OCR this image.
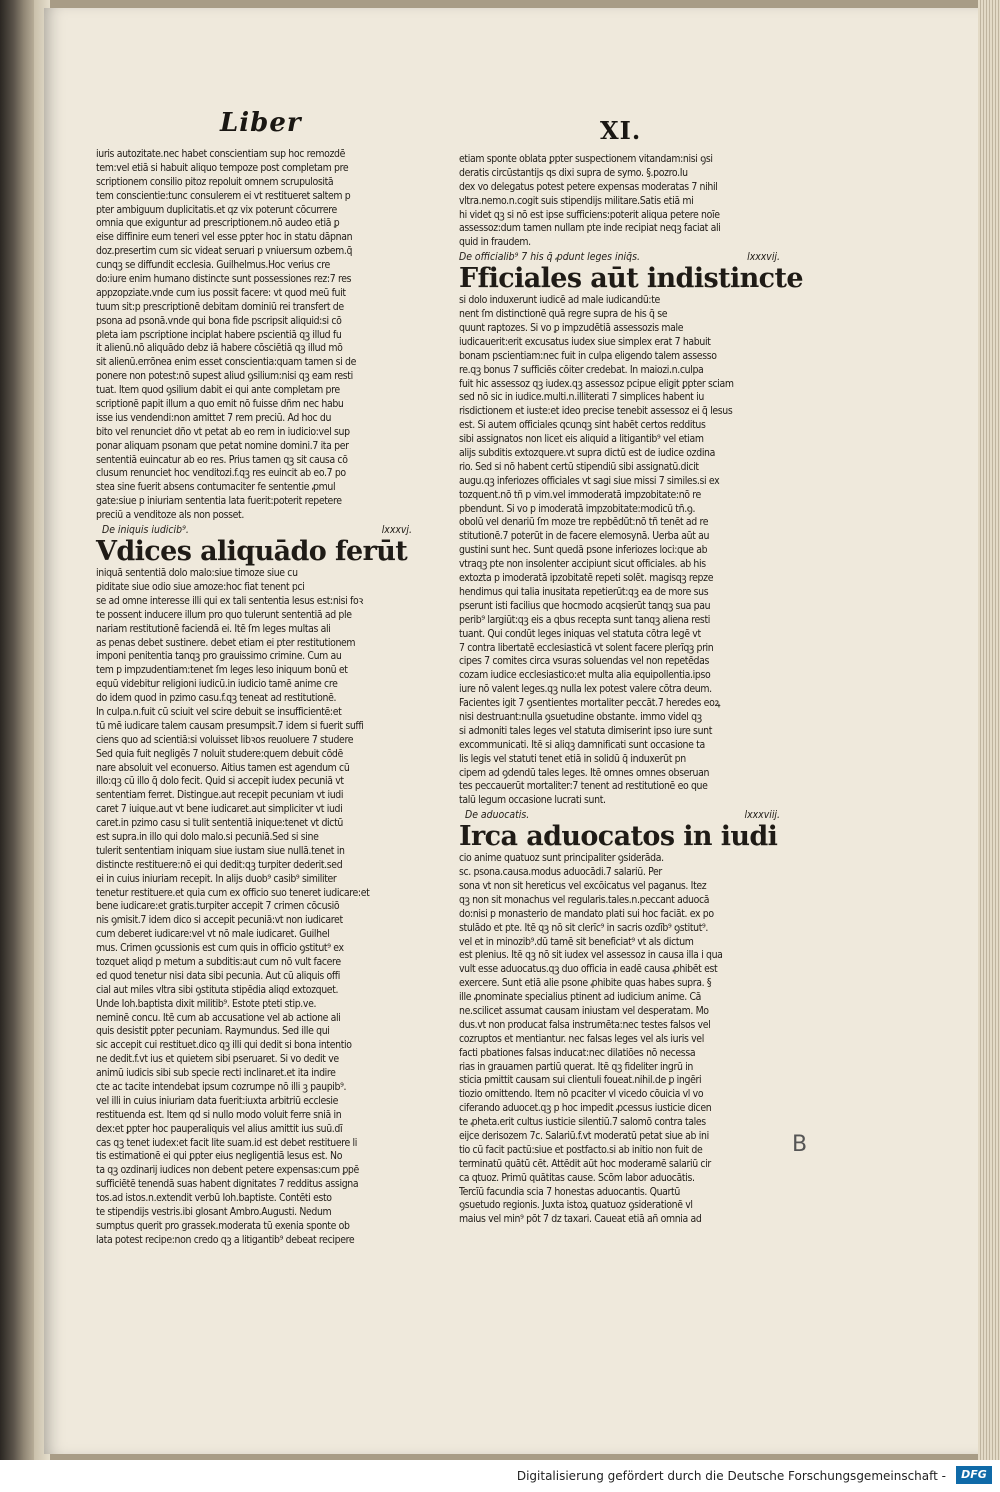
Liber	XI.
iuris autozitate.nec habet conscientiam sup hoc remozdē
tem:vel etiā si habuit aliquo tempoze post completam pre
scriptionem consilio pitoz repoluit omnem scrupulositā
tem conscientie:tunc consulerem ei vt restitueret saltem p
pter ambiguum duplicitatis.et qz vix poterunt cōcurrere
omnia que exiguntur ad prescriptionem.nō audeo etiā ꝑ
eise diffinire eum teneri vel esse ꝑpter hoc in statu dāpnan
doz.presertim cum sic videat seruari p vniuersum ozbem.q̄
cunqꝫ se diffundit ecclesia. Guilhelmus.Hoc verius cre
do:iure enim humano distincte sunt possessiones rez:7 res
appzopziate.vnde cum ius possit facere: vt quod meū fuit
tuum sit:p prescriptionē debitam dominiū rei transfert de
psona ad psonā.vnde qui bona fide pscripsit aliquid:si cō
pleta iam pscriptione inciplat habere pscientiā qꝫ illud fu
it alienū.nō aliquādo debz iā habere cōsciētiā qꝫ illud mō
sit alienū.errōnea enim esset conscientia:quam tamen si de
ponere non potest:nō supest aliud ꝯsilium:nisi qꝫ eam resti
tuat. Item quod ꝯsilium dabit ei qui ante completam pre
scriptionē papit illum a quo emit nō fuisse dñm nec habu
isse ius vendendi:non amittet 7 rem preciū. Ad hoc du
bito vel renunciet dño vt petat ab eo rem in iudicio:vel sup
ponar aliquam psonam que petat nomine domini.7 ita per
sententiā euincatur ab eo res. Prius tamen qꝫ sit causa cō
clusum renunciet hoc venditozi.f.qꝫ res euincit ab eo.7 po
stea sine fuerit absens contumaciter fe sententie ꝓmul
gate:siue p iniuriam sententia lata fuerit:poterit repetere
preciū a venditoze als non posset.
De iniquis iudicib⁹.	lxxxvj.
Vdices aliquādo ferūt
iniquā sententiā dolo malo:siue timoze siue cu
piditate siue odio siue amoze:hoc fiat tenent pci
se ad omne interesse illi qui ex tali sententia lesus est:nisi foꝛ
te possent inducere illum pro quo tulerunt sententiā ad ple
nariam restitutionē faciendā ei. Itē ſm leges multas ali
as penas debet sustinere. debet etiam ei pter restitutionem
imponi penitentia tanqꝫ pro grauissimo crimine. Cum au
tem p impzudentiam:tenet ſm leges leso iniquum bonū et
equū videbitur religioni iudicū.in iudicio tamē anime cre
do idem quod in pzimo casu.f.qꝫ teneat ad restitutionē.
In culpa.n.fuit cū sciuit vel scire debuit se insufficientē:et
tū mē iudicare talem causam presumpsit.7 idem si fuerit suffi
ciens quo ad scientiā:si voluisset libꝛos reuoluere 7 studere
Sed quia fuit negligēs 7 noluit studere:quem debuit cōdē
nare absoluit vel econuerso. Aitius tamen est agendum cū
illo:qꝫ cū illo q̄ dolo fecit. Quid si accepit iudex pecuniā vt
sententiam ferret. Distingue.aut recepit pecuniam vt iudi
caret 7 iuique.aut vt bene iudicaret.aut simpliciter vt iudi
caret.in pzimo casu si tulit sententiā inique:tenet vt dictū
est supra.in illo qui dolo malo.si pecuniā.Sed si sine
tulerit sententiam iniquam siue iustam siue nullā.tenet in
distincte restituere:nō ei qui dedit:qꝫ turpiter dederit.sed
ei in cuius iniuriam recepit. In alijs duob⁹ casib⁹ similiter
tenetur restituere.et quia cum ex officio suo teneret iudicare:et
bene iudicare:et gratis.turpiter accepit 7 crimen cōcusiō
nis ꝯmisit.7 idem dico si accepit pecuniā:vt non iudicaret
cum deberet iudicare:vel vt nō male iudicaret. Guilhel
mus. Crimen ꝯcussionis est cum quis in officio ꝯstitut⁹ ex
tozquet aliqd p metum a subditis:aut cum nō vult facere
ed quod tenetur nisi data sibi pecunia. Aut cū aliquis offi
cial aut miles vltra sibi ꝯstituta stipēdia aliqd extozquet.
Unde Ioh.baptista dixit militib⁹. Estote pteti stip.ve.
neminē concu. Itē cum ab accusatione vel ab actione ali
quis desistit ꝑpter pecuniam. Raymundus. Sed ille qui
sic accepit cui restituet.dico qꝫ illi qui dedit si bona intentio
ne dedit.f.vt ius et quietem sibi pseruaret. Si vo dedit ve
animū iudicis sibi sub specie recti inclinaret.et ita indire
cte ac tacite intendebat ipsum cozrumpe nō illi ꝫ paupib⁹.
vel illi in cuius iniuriam data fuerit:iuxta arbitriū ecclesie
restituenda est. Item qd si nullo modo voluit ferre sniā in
dex:et ꝑpter hoc pauperaliquis vel alius amittit ius suū.dī
cas qꝫ tenet iudex:et facit lite suam.id est debet restituere li
tis estimationē ei qui ꝑpter eius negligentiā lesus est. No
ta qꝫ ozdinarij iudices non debent petere expensas:cum ꝑpē
sufficiētē tenendā suas habent dignitates 7 redditus assigna
tos.ad istos.n.extendit verbū Ioh.baptiste. Contēti esto
te stipendijs vestris.ibi glosant Ambro.Augusti. Nedum
sumptus querit pro grassek.moderata tū exenia sponte ob
lata potest recipe:non credo qꝫ a litigantib⁹ debeat recipere
etiam sponte oblata ꝑpter suspectionem vitandam:nisi ꝯsi
deratis circūstantijs qs dixi supra de symo. §.pozro.Iu
dex vo delegatus potest petere expensas moderatas 7 nihil
vltra.nemo.n.cogit suis stipendijs militare.Satis etiā mi
hi videt qꝫ si nō est ipse sufficiens:poterit aliqua petere noīe
assessoz:dum tamen nullam pte inde recipiat neqꝫ faciat ali
quid in fraudem.
De officialib⁹ 7 his q̄ ꝓdunt leges iniq̄s.	lxxxvij.
Fficiales aūt indistincte
si dolo induxerunt iudicē ad male iudicandū:te
nent ſm distinctionē quā regre supra de his q̄ se
quunt raptozes. Si vo ꝑ impzudētiā assessozis male
iudicauerit:erit excusatus iudex siue simplex erat 7 habuit
bonam pscientiam:nec fuit in culpa eligendo talem assesso
re.qꝫ bonus 7 sufficiēs cōiter credebat. In maiozi.n.culpa
fuit hic assessoz qꝫ iudex.qꝫ assessoz pcipue eligit ꝑpter sciam
sed nō sic in iudice.multi.n.illiterati 7 simplices habent iu
risdictionem et iuste:et ideo precise tenebit assessoz ei q̄ lesus
est. Si autem officiales qcunqꝫ sint habēt certos redditus
sibi assignatos non licet eis aliquid a litigantib⁹ vel etiam
alijs subditis extozquere.vt supra dictū est de iudice ozdina
rio. Sed si nō habent certū stipendiū sibi assignatū.dicit
augu.qꝫ inferiozes officiales vt sagi siue missi 7 similes.si ex
tozquent.nō tñ p vim.vel immoderatā impzobitate:nō re
pbendunt. Si vo p imoderatā impzobitate:modicū tñ.ꝯ.
obolū vel denariū ſm moze tre repbēdūt:nō tñ tenēt ad re
stitutionē.7 poterūt in de facere elemosynā. Uerba aūt au
gustini sunt hec. Sunt quedā psone inferiozes loci:que ab
vtraqꝫ pte non insolenter accipiunt sicut officiales. ab his
extozta p imoderatā ipzobitatē repeti solēt. magisqꝫ repze
hendimus qui talia inusitata repetierūt:qꝫ ea de more sus
pserunt isti facilius que hocmodo acqsierūt tanqꝫ sua pau
perib⁹ largiūt:qꝫ eis a qbus recepta sunt tanqꝫ aliena resti
tuant. Qui condūt leges iniquas vel statuta cōtra legē vt
7 contra libertatē ecclesiasticā vt solent facere plerīqꝫ prin
cipes 7 comites circa vsuras soluendas vel non repetēdas
cozam iudice ecclesiastico:et multa alia equipollentia.ipso
iure nō valent leges.qꝫ nulla lex potest valere cōtra deum.
Facientes igit 7 ꝯsentientes mortaliter peccāt.7 heredes eoꝝ
nisi destruant:nulla ꝯsuetudine obstante. immo videl qꝫ
si admoniti tales leges vel statuta dimiserint ipso iure sunt
excommunicati. Itē si aliqꝫ damnificati sunt occasione ta
lis legis vel statuti tenet etiā in solidū q̄ induxerūt pn
cipem ad ꝯdendū tales leges. Itē omnes omnes obseruan
tes peccauerūt mortaliter:7 tenent ad restitutionē eo que
talū legum occasione lucrati sunt.
De aduocatis.	lxxxviij.
Irca aduocatos in iudi
cio anime quatuoz sunt principaliter ꝯsiderāda.
sc. psona.causa.modus aduocādi.7 salariū. Per
sona vt non sit hereticus vel excōicatus vel paganus. Itez
qꝫ non sit monachus vel regularis.tales.n.peccant aduocā
do:nisi p monasterio de mandato plati sui hoc faciāt. ex po
stulādo et pte. Itē qꝫ nō sit clerīc⁹ in sacris ozdīb⁹ ꝯstitut⁹.
vel et in minozib⁹.dū tamē sit beneficiat⁹ vt als dictum
est plenius. Itē qꝫ nō sit iudex vel assessoz in causa illa i qua
vult esse aduocatus.qꝫ duo officia in eadē causa ꝓhibēt est
exercere. Sunt etiā alie psone ꝓhibite quas habes supra. §
ille ꝓnominate specialius ptinent ad iudicium anime. Cā
ne.scilicet assumat causam iniustam vel desperatam. Mo
dus.vt non producat falsa instrumēta:nec testes falsos vel
cozruptos et mentiantur. nec falsas leges vel als iuris vel
facti pbationes falsas inducat:nec dilatiōes nō necessa
rias in grauamen partiū querat. Itē qꝫ fideliter ingrū in
sticia pmittit causam sui clientuli foueat.nihil.de ꝑ ingēri
tiozio omittendo. Item nō pcaciter vl̄ vicedo cōuicia vl̄ vo
ciferando aduocet.qꝫ p hoc impedit ꝓcessus iusticie dicen
te ꝓheta.erit cultus iusticie silentiū.7 salomō contra tales
eijce derisozem 7c. Salariū.f.vt moderatū petat siue ab ini
tio cū facit pactū:siue et postfacto.si ab initio non fuit de
terminatū quātū cēt. Attēdit aūt hoc moderamē salariū cir
ca qtuoz. Primū quātitas cause. Scōm labor aduocātis.
Tercīū facundia scia 7 honestas aduocantis. Quartū
ꝯsuetudo regionis. Juxta istoꝝ quatuoz ꝯsiderationē vl̄
maius vel min⁹ pōt 7 dz taxari. Caueat etiā añ omnia ad
B
Digitalisierung gefördert durch die Deutsche Forschungsgemeinschaft -	DFG
